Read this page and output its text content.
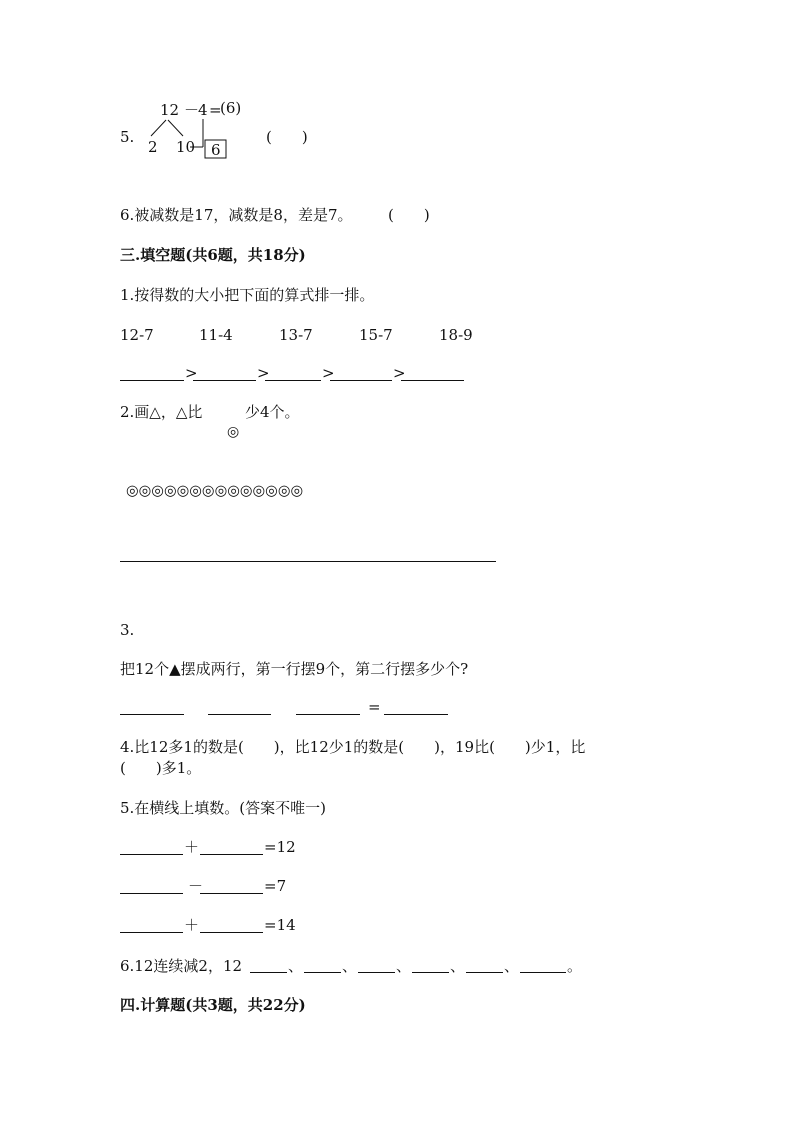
5.
12 －
4 =
(6)
2 10 6
(　　)
6.被减数是17，减数是8，差是7。 (　　)
三.填空题(共6题，共18分)
1.按得数的大小把下面的算式排一排。
12-7	11-4	13-7	15-7	18-9
>	>	>	>
2.画△，△比	少4个。
◎
◎◎◎◎◎◎◎◎◎◎◎◎◎◎
3.
把12个▲摆成两行，第一行摆9个，第二行摆多少个?
=
4.比12多1的数是(　　)，比12少1的数是(　　)，19比(　　)少1，比
(　　)多1。
5.在横线上填数。(答案不唯一)
＋	=12
－	=7
＋	=14
6.12连续减2，12	、	、	、	、	、	。
四.计算题(共3题，共22分)
